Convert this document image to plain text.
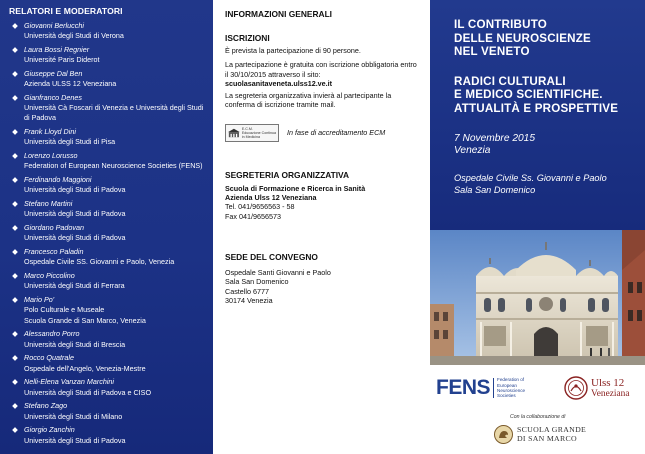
RELATORI E MODERATORI
Giovanni Berlucchi
Università degli Studi di Verona
Laura Bossi Regnier
Université Paris Diderot
Giuseppe Dal Ben
Azienda ULSS 12 Veneziana
Gianfranco Denes
Università Cà Foscari di Venezia e Università degli Studi di Padova
Frank Lloyd Dini
Università degli Studi di Pisa
Lorenzo Lorusso
Federation of European Neuroscience Societies (FENS)
Ferdinando Maggioni
Università degli Studi di Padova
Stefano Martini
Università degli Studi di Padova
Giordano Padovan
Università degli Studi di Padova
Francesco Paladin
Ospedale Civile SS. Giovanni e Paolo, Venezia
Marco Piccolino
Università degli Studi di Ferrara
Mario Po'
Polo Culturale e Museale
Scuola Grande di San Marco, Venezia
Alessandro Porro
Università degli Studi di Brescia
Rocco Quatrale
Ospedale dell'Angelo, Venezia-Mestre
Nelli-Elena Vanzan Marchini
Università degli Studi di Padova e CISO
Stefano Zago
Università degli Studi di Milano
Giorgio Zanchin
Università degli Studi di Padova
INFORMAZIONI GENERALI
ISCRIZIONI
È prevista la partecipazione di 90 persone.
La partecipazione è gratuita con iscrizione obbligatoria entro il 30/10/2015 attraverso il sito:
scuolasanitaveneta.ulss12.ve.it
La segreteria organizzativa invierà al partecipante la conferma di iscrizione tramite mail.
E.C.M.
Educazione Continua
in Medicina	In fase di accreditamento ECM
SEGRETERIA ORGANIZZATIVA
Scuola di Formazione e Ricerca in Sanità
Azienda Ulss 12 Veneziana
Tel. 041/9656563 - 58
Fax 041/9656573
SEDE DEL CONVEGNO
Ospedale Santi Giovanni e Paolo
Sala San Domenico
Castello 6777
30174 Venezia
IL CONTRIBUTO
DELLE NEUROSCIENZE
NEL VENETO
RADICI CULTURALI
E MEDICO SCIENTIFICHE.
ATTUALITÀ E PROSPETTIVE
7 Novembre 2015
Venezia
Ospedale Civile Ss. Giovanni e Paolo
Sala San Domenico
FENS Federation of
European
Neuroscience
Societies
Ulss 12
Veneziana
Con la collaborazione di
SCUOLA GRANDE
DI SAN MARCO
